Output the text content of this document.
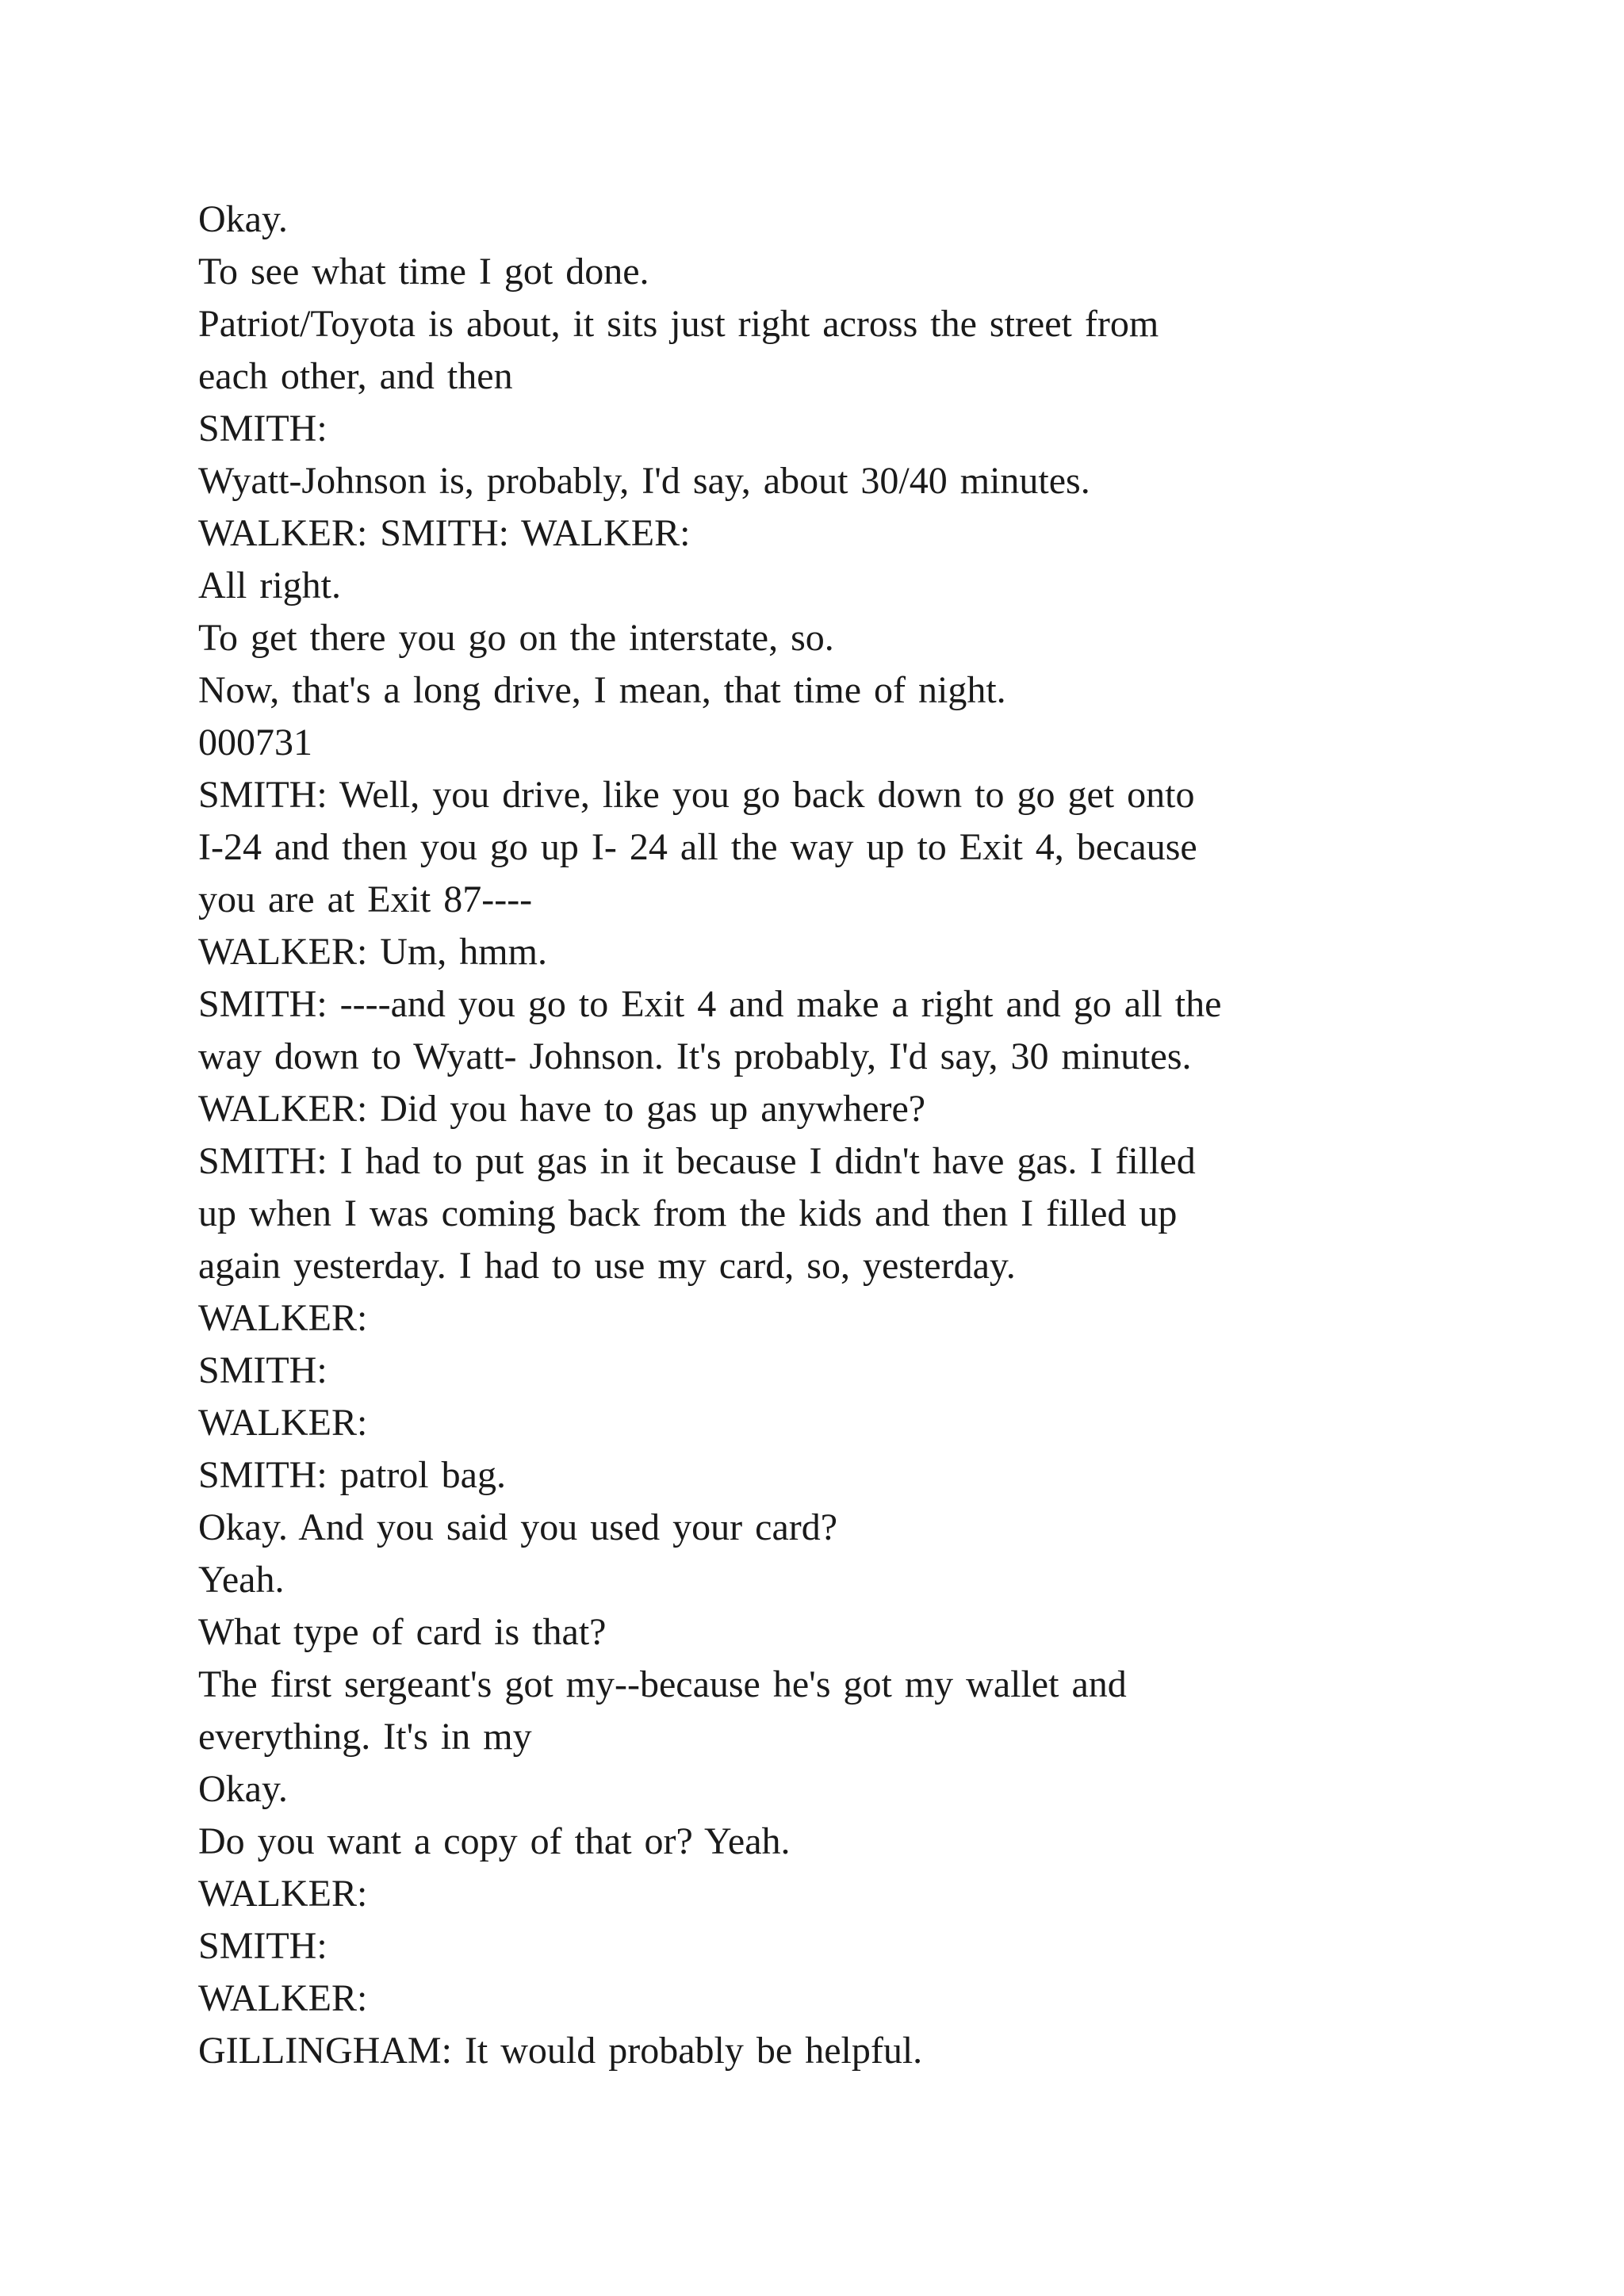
Okay.
To see what time I got done.
Patriot/Toyota is about, it sits just right across the street from
each other, and then
SMITH:
Wyatt-Johnson is, probably, I'd say, about 30/40 minutes.
WALKER: SMITH: WALKER:
All right.
To get there you go on the interstate, so.
Now, that's a long drive, I mean, that time of night.
000731
SMITH: Well, you drive, like you go back down to go get onto
I-24 and then you go up I- 24 all the way up to Exit 4, because
you are at Exit 87----
WALKER: Um, hmm.
SMITH: ----and you go to Exit 4 and make a right and go all the
way down to Wyatt- Johnson. It's probably, I'd say, 30 minutes.
WALKER: Did you have to gas up anywhere?
SMITH: I had to put gas in it because I didn't have gas. I filled
up when I was coming back from the kids and then I filled up
again yesterday. I had to use my card, so, yesterday.
WALKER:
SMITH:
WALKER:
SMITH: patrol bag.
Okay. And you said you used your card?
Yeah.
What type of card is that?
The first sergeant's got my--because he's got my wallet and
everything. It's in my
Okay.
Do you want a copy of that or? Yeah.
WALKER:
SMITH:
WALKER:
GILLINGHAM: It would probably be helpful.
